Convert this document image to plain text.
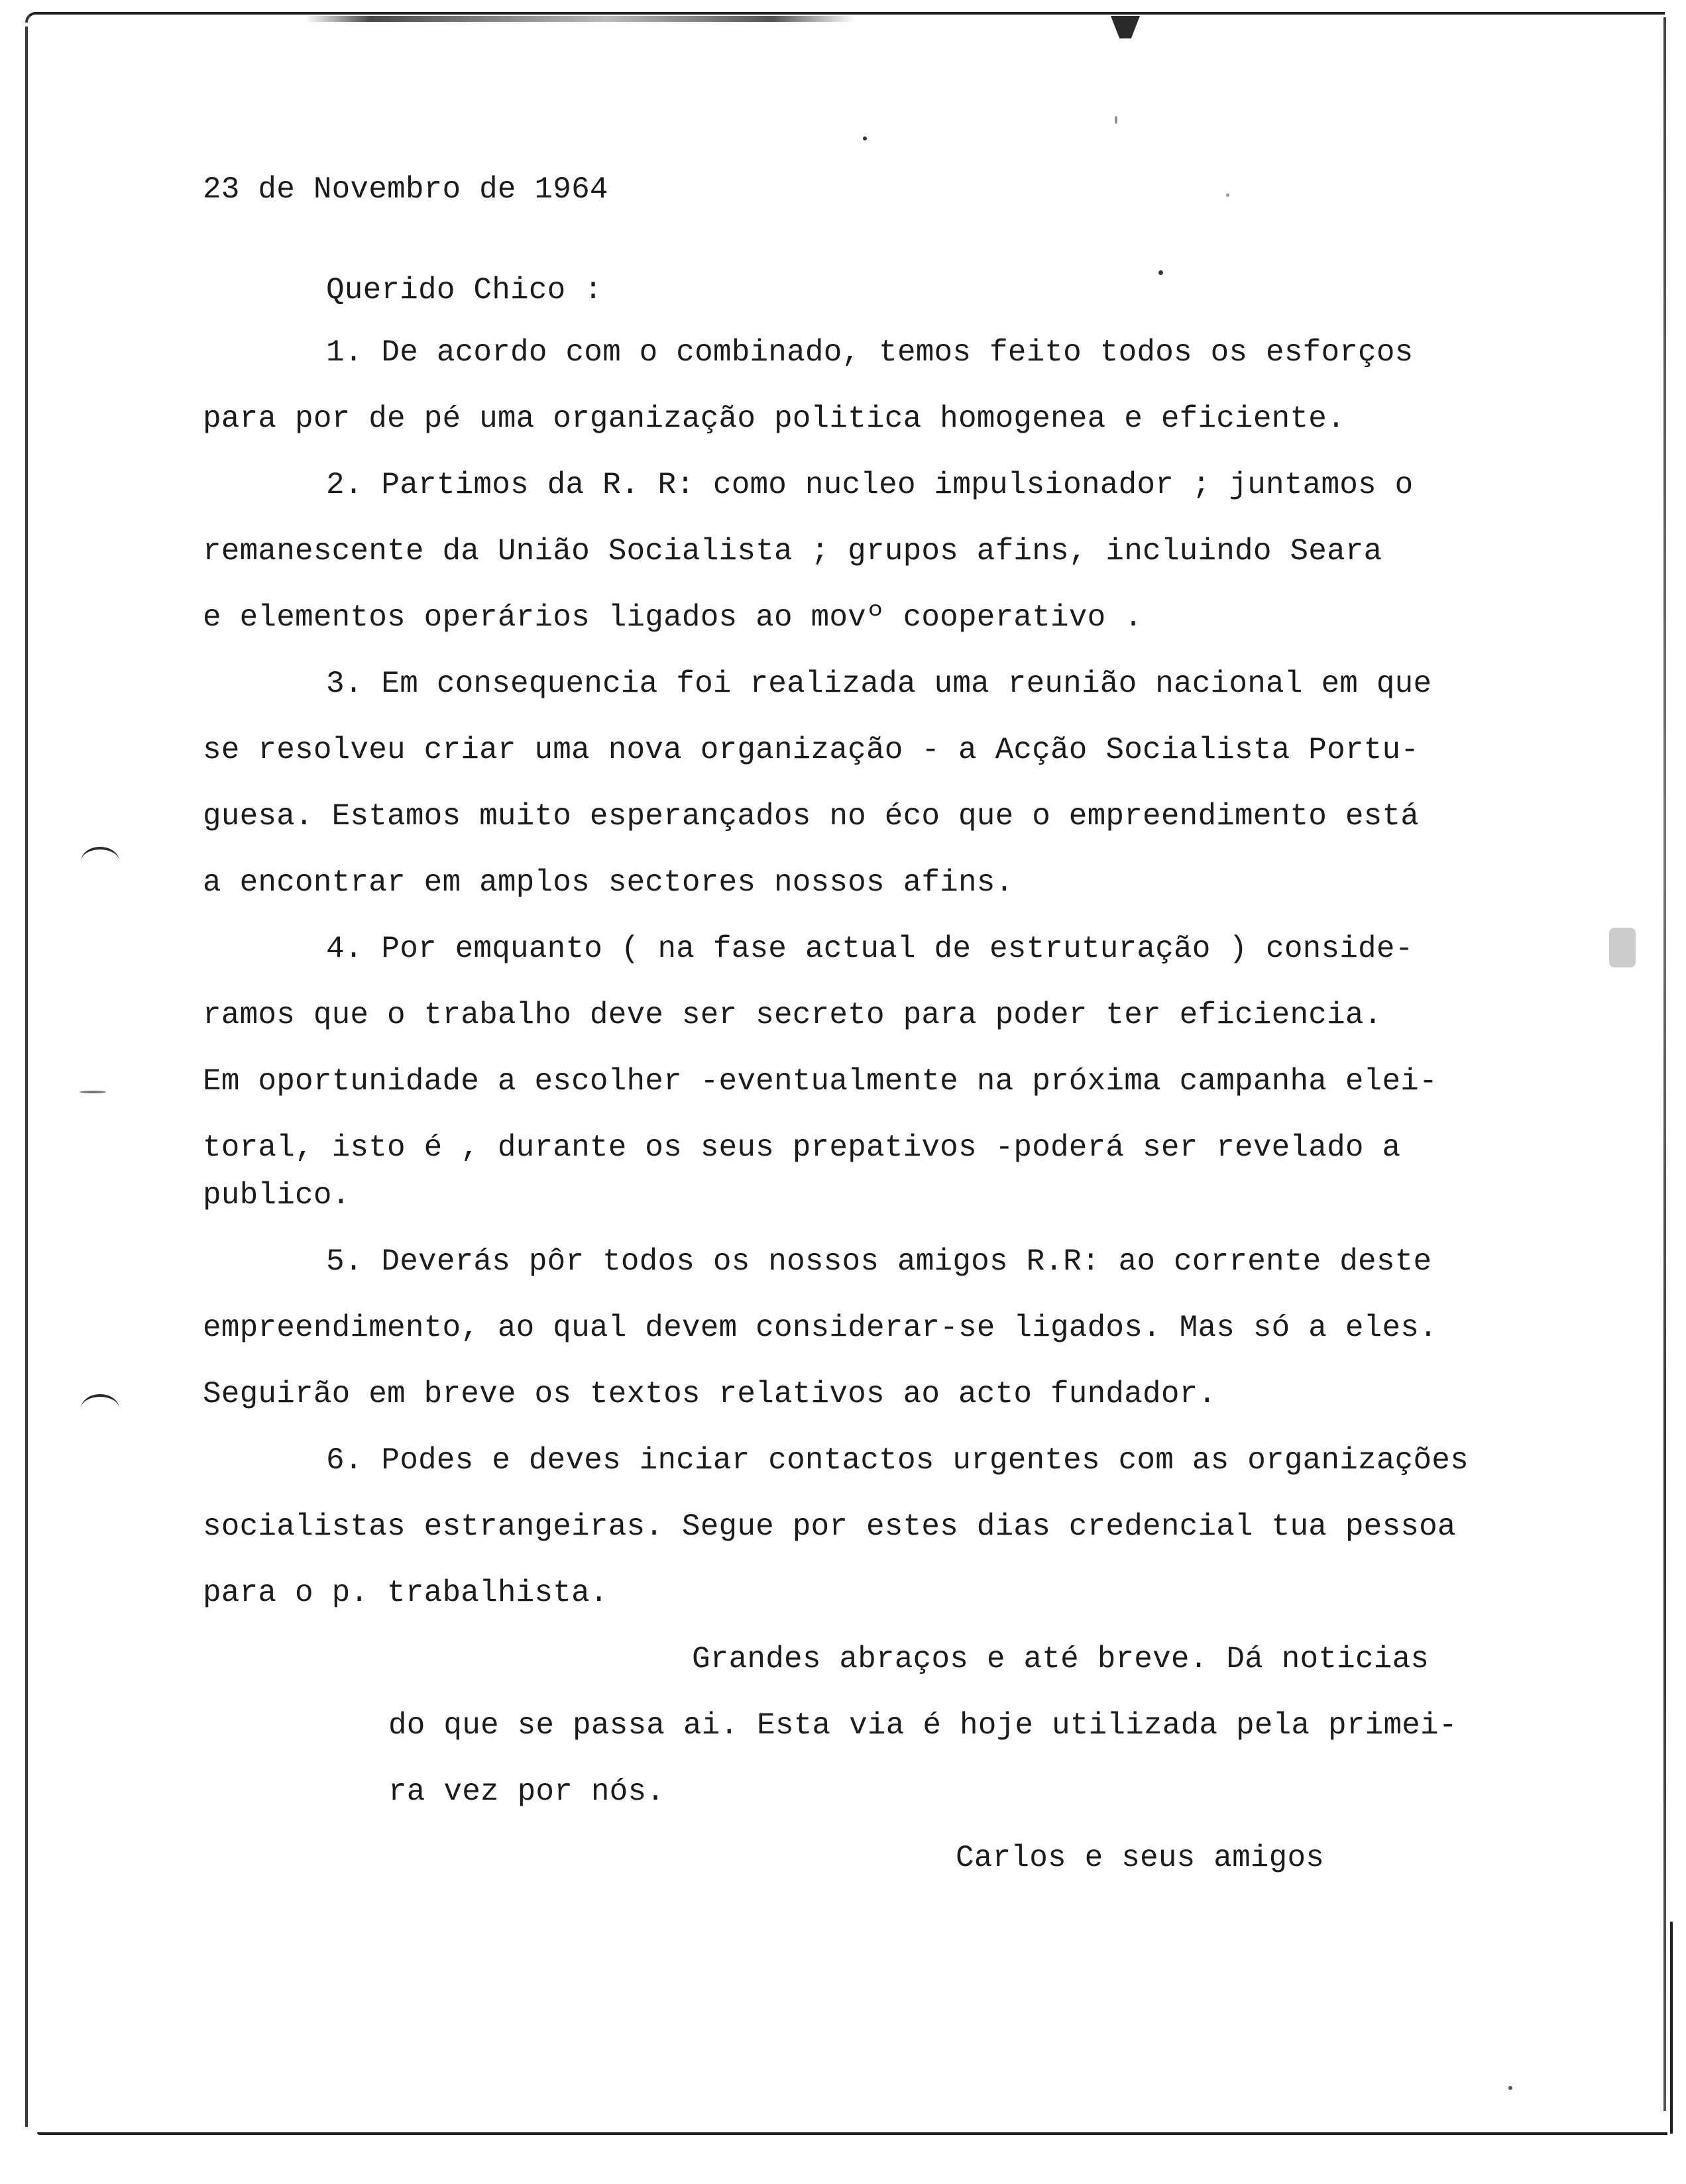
23 de Novembro de 1964

Querido Chico :

1. De acordo com o combinado, temos feito todos os esforços

para por de pé uma organização politica homogenea e eficiente.

2. Partimos da R. R: como nucleo impulsionador ; juntamos o

remanescente da União Socialista ; grupos afins, incluindo Seara

e elementos operários ligados ao movº cooperativo .

3. Em consequencia foi realizada uma reunião nacional em que

se resolveu criar uma nova organização - a Acção Socialista Portu-

guesa. Estamos muito esperançados no éco que o empreendimento está

a encontrar em amplos sectores nossos afins.

4. Por emquanto ( na fase actual de estruturação ) conside-

ramos que o trabalho deve ser secreto para poder ter eficiencia.

Em oportunidade a escolher -eventualmente na próxima campanha elei-

toral, isto é , durante os seus prepativos -poderá ser revelado a

publico.

5. Deverás pôr todos os nossos amigos R.R: ao corrente deste

empreendimento, ao qual devem considerar-se ligados. Mas só a eles.

Seguirão em breve os textos relativos ao acto fundador.

6. Podes e deves inciar contactos urgentes com as organizações

socialistas estrangeiras. Segue por estes dias credencial tua pessoa

para o p. trabalhista.

Grandes abraços e até breve. Dá noticias

do que se passa ai. Esta via é hoje utilizada pela primei-

ra vez por nós.

Carlos e seus amigos
